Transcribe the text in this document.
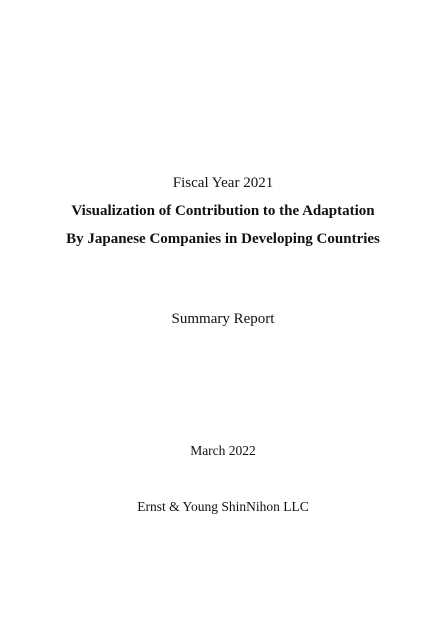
Fiscal Year 2021
Visualization of Contribution to the Adaptation
By Japanese Companies in Developing Countries
Summary Report
March 2022
Ernst & Young ShinNihon LLC
